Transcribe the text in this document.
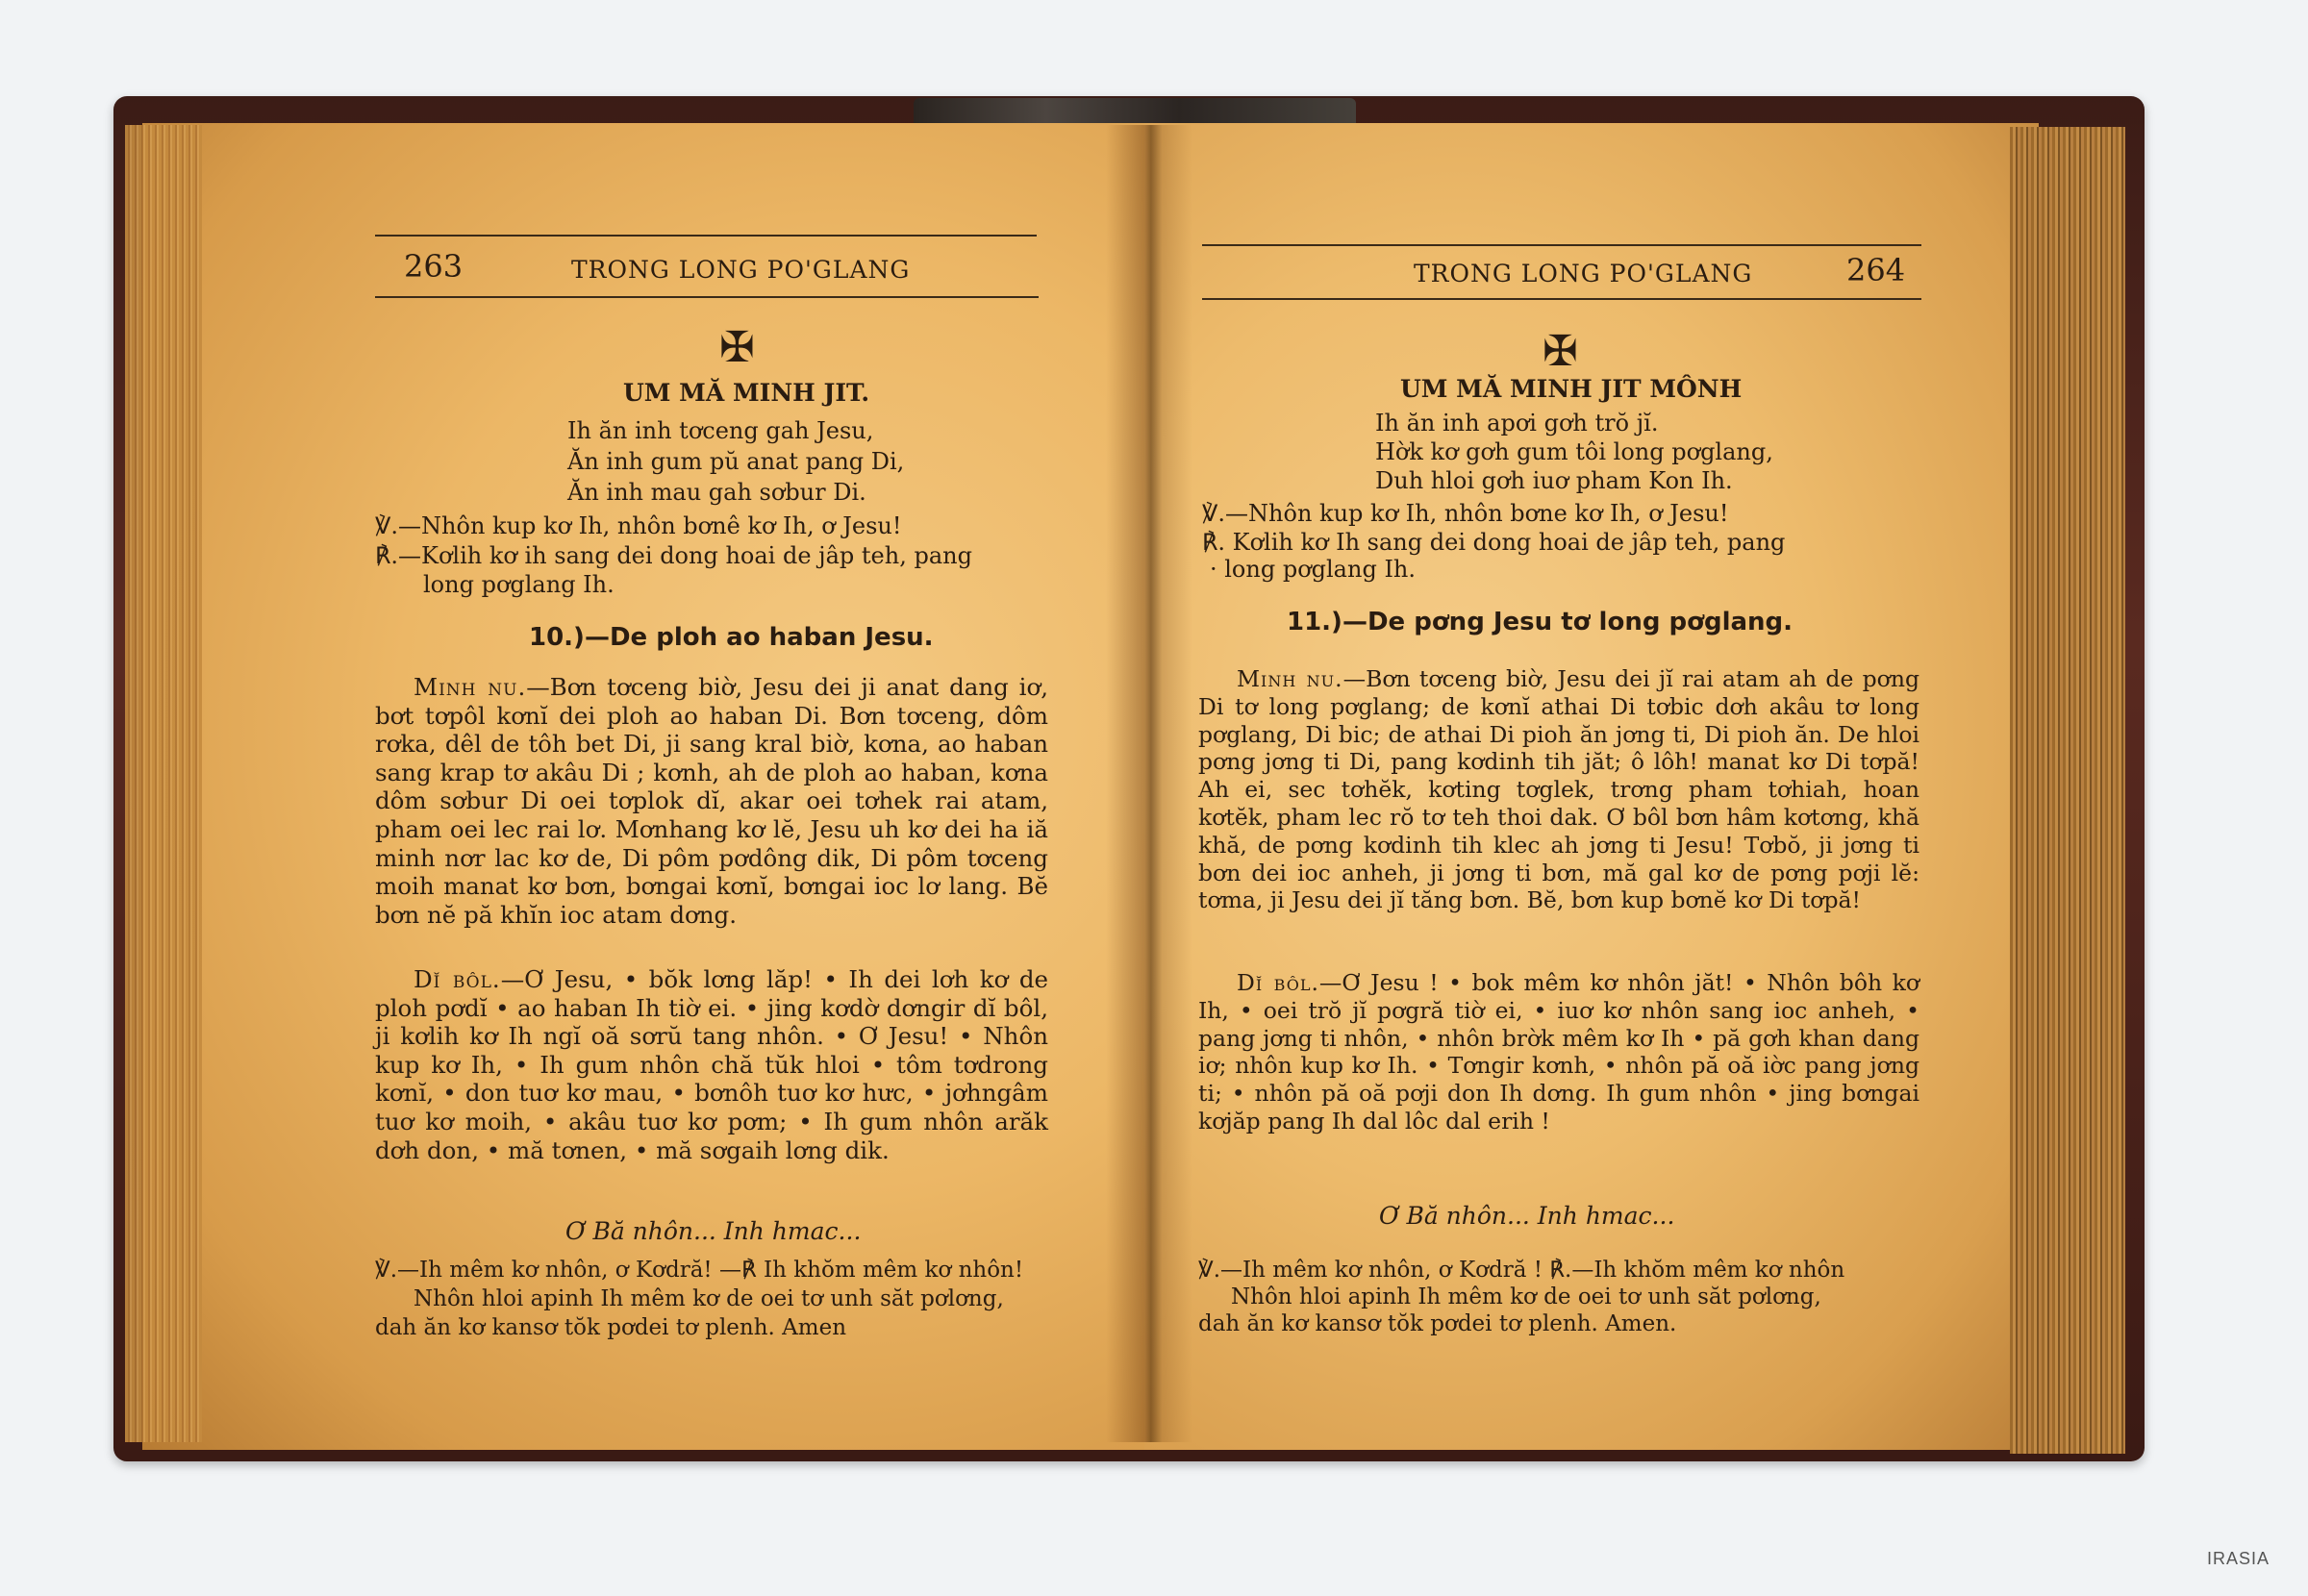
263	TRONG LONG PO'GLANG
✠
UM MĂ MINH JIT.
Ih ăn inh tơceng gah Jesu,
Ăn inh gum pŭ anat pang Di,
Ăn inh mau gah sơbur Di.
℣.—Nhôn kup kơ Ih, nhôn bơnê kơ Ih, ơ Jesu!
℟.—Kơlih kơ ih sang dei dong hoai de jâp teh, pang
long pơglang Ih.
10.)—De ploh ao haban Jesu.
Minh nu.—Bơn tơceng biờ, Jesu dei ji anat dang iơ, bơt tơpôl kơnĭ dei ploh ao haban Di. Bơn tơceng, dôm rơka, dêl de tôh bet Di, ji sang kral biờ, kơna, ao haban sang krap tơ akâu Di ; kơnh, ah de ploh ao haban, kơna dôm sơbur Di oei tơplok dĭ, akar oei tơhek rai atam, pham oei lec rai lơ. Mơnhang kơ lĕ, Jesu uh kơ dei ha iă minh nơr lac kơ de, Di pôm pơdông dik, Di pôm tơceng moih manat kơ bơn, bơngai kơnĭ, bơngai ioc lơ lang. Bĕ bơn nĕ pă khĭn ioc atam dơng.
Dĭ bôl.—Ơ Jesu, • bŏk lơng lăp! • Ih dei lơh kơ de ploh pơdĭ • ao haban Ih tiờ ei. • jing kơdờ dơngir dĭ bôl, ji kơlih kơ Ih ngĭ oă sơrŭ tang nhôn. • Ơ Jesu! • Nhôn kup kơ Ih, • Ih gum nhôn chă tŭk hloi • tôm tơdrong kơnĭ, • don tuơ kơ mau, • bơnôh tuơ kơ hưc, • jơhngâm tuơ kơ moih, • akâu tuơ kơ pơm; • Ih gum nhôn arăk dơh don, • mă tơnen, • mă sơgaih lơng dik.
Ơ Bă nhôn... Inh hmac...
℣.—Ih mêm kơ nhôn, ơ Kơdră! —℟ Ih khŏm mêm kơ nhôn!
Nhôn hloi apinh Ih mêm kơ de oei tơ unh săt pơlơng,
dah ăn kơ kansơ tŏk pơdei tơ plenh. Amen
TRONG LONG PO'GLANG	264
✠
UM MĂ MINH JIT MÔNH
Ih ăn inh apơi gơh trŏ jĭ.
Hờk kơ gơh gum tôi long pơglang,
Duh hloi gơh iuơ pham Kon Ih.
℣.—Nhôn kup kơ Ih, nhôn bơne kơ Ih, ơ Jesu!
℟. Kơlih kơ Ih sang dei dong hoai de jâp teh, pang
· long pơglang Ih.
11.)—De pơng Jesu tơ long pơglang.
Minh nu.—Bơn tơceng biờ, Jesu dei jĭ rai atam ah de pơng Di tơ long pơglang; de kơnĭ athai Di tơbic dơh akâu tơ long pơglang, Di bic; de athai Di pioh ăn jơng ti, Di pioh ăn. De hloi pơng jơng ti Di, pang kơdinh tih jăt; ô lôh! manat kơ Di tơpă! Ah ei, sec tơhĕk, kơting tơglek, trơng pham tơhiah, hoan kơtĕk, pham lec rŏ tơ teh thoi dak. Ơ bôl bơn hâm kơtơng, khă khă, de pơng kơdinh tih klec ah jơng ti Jesu! Tơbŏ, ji jơng ti bơn dei ioc anheh, ji jơng ti bơn, mă gal kơ de pơng pơji lĕ: tơma, ji Jesu dei jĭ tăng bơn. Bĕ, bơn kup bơnĕ kơ Di tơpă!
Dĭ bôl.—Ơ Jesu ! • bok mêm kơ nhôn jăt! • Nhôn bôh kơ Ih, • oei trŏ jĭ pơgră tiờ ei, • iuơ kơ nhôn sang ioc anheh, • pang jơng ti nhôn, • nhôn brờk mêm kơ Ih • pă gơh khan dang iơ; nhôn kup kơ Ih. • Tơngir kơnh, • nhôn pă oă iờc pang jơng ti; • nhôn pă oă pơji don Ih dơng. Ih gum nhôn • jing bơngai kơjăp pang Ih dal lôc dal erih !
Ơ Bă nhôn... Inh hmac...
℣.—Ih mêm kơ nhôn, ơ Kơdră ! ℟.—Ih khŏm mêm kơ nhôn
Nhôn hloi apinh Ih mêm kơ de oei tơ unh săt pơlơng,
dah ăn kơ kansơ tŏk pơdei tơ plenh. Amen.
IRASIA
